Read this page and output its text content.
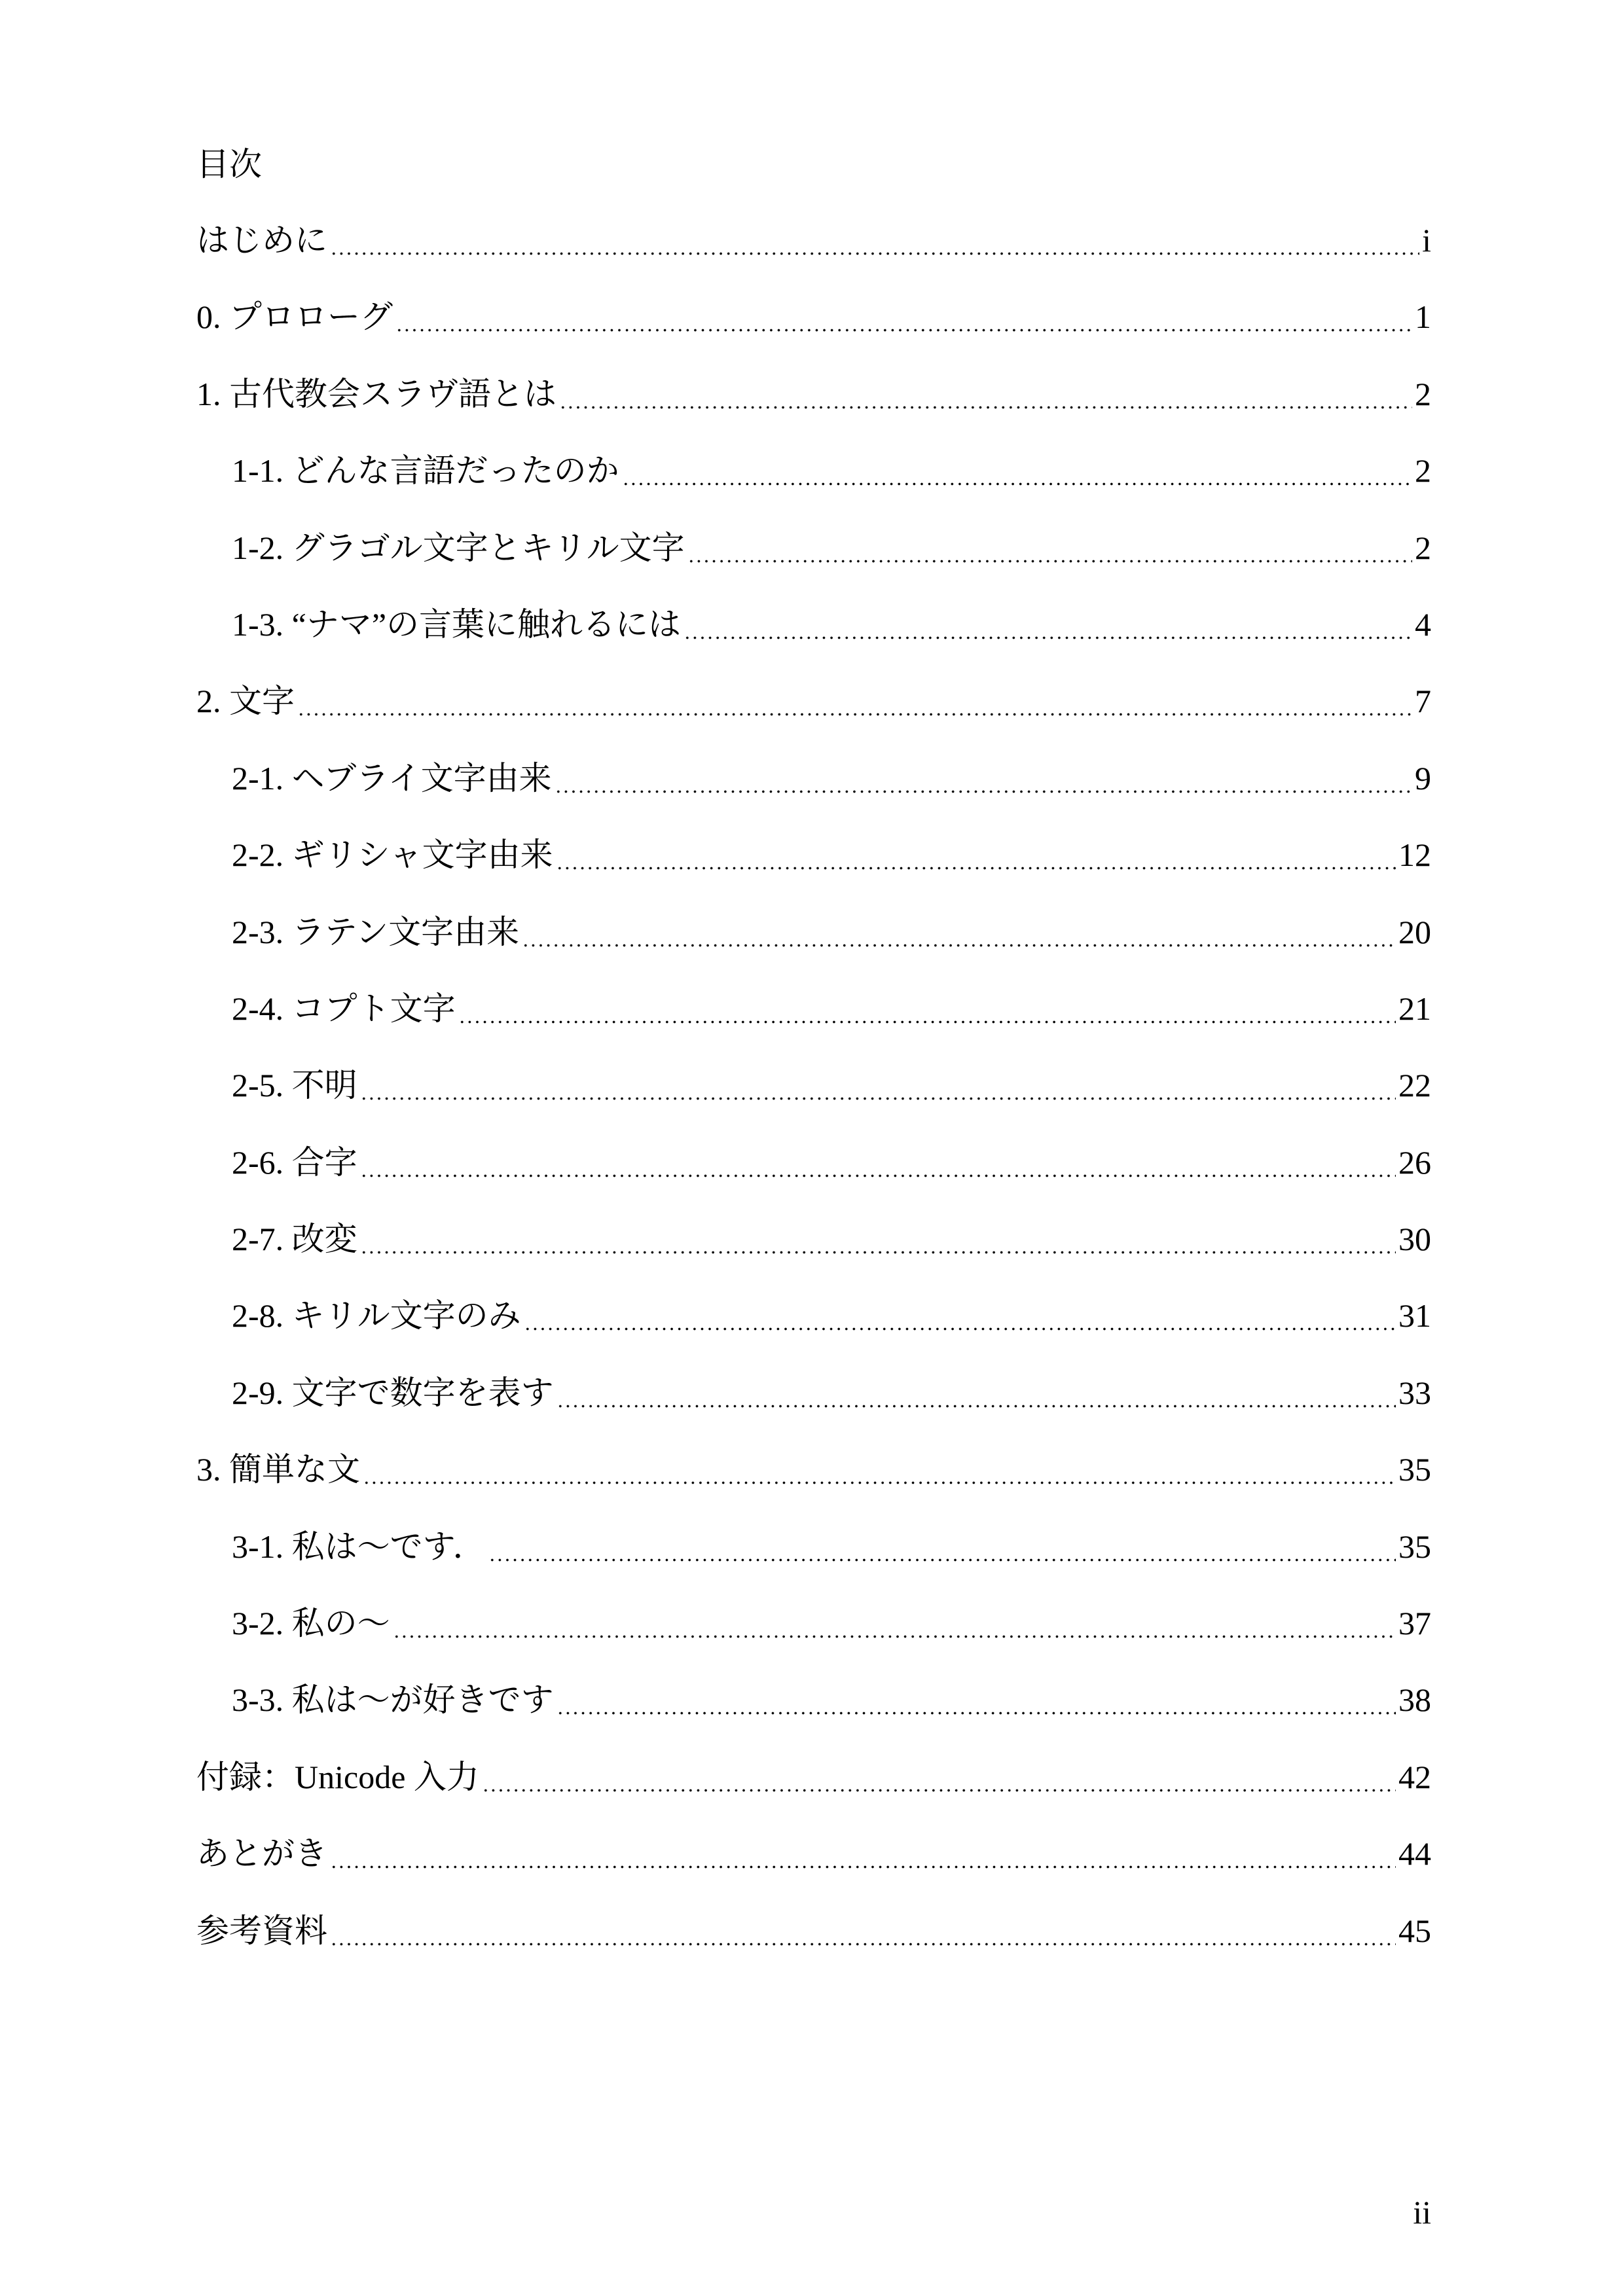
目次
はじめに	i
0. プロローグ	1
1. 古代教会スラヴ語とは	2
1-1. どんな言語だったのか	2
1-2. グラゴル文字とキリル文字	2
1-3. “ナマ”の言葉に触れるには	4
2. 文字	7
2-1. ヘブライ文字由来	9
2-2. ギリシャ文字由来	12
2-3. ラテン文字由来	20
2-4. コプト文字	21
2-5. 不明	22
2-6. 合字	26
2-7. 改変	30
2-8. キリル文字のみ	31
2-9. 文字で数字を表す	33
3. 簡単な文	35
3-1. 私は～です．	35
3-2. 私の～	37
3-3. 私は～が好きです	38
付録：Unicode 入力	42
あとがき	44
参考資料	45
ii
